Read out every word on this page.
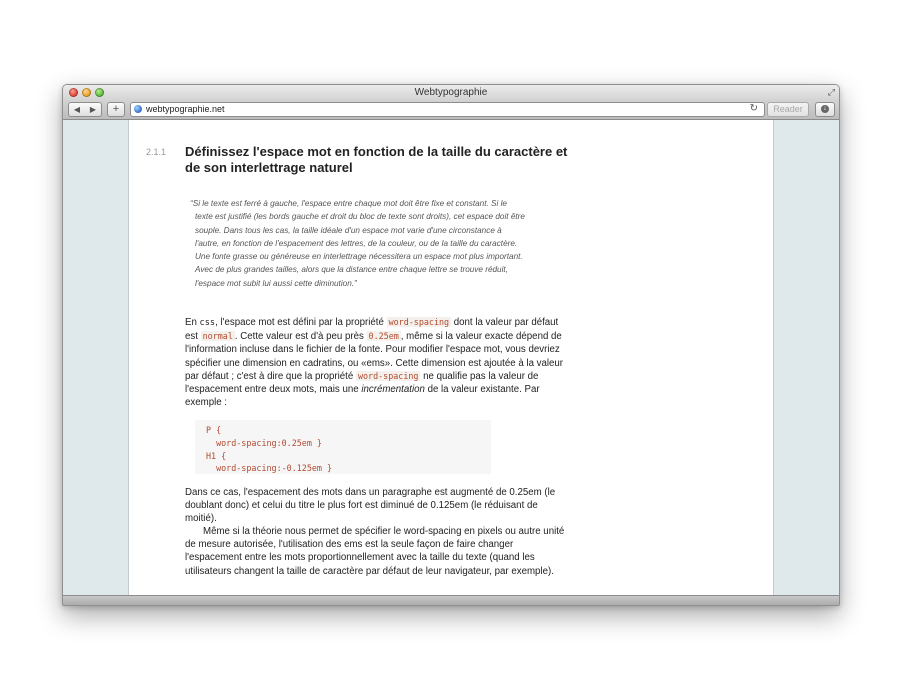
Webtypographie	⤢
◀	▶	+	webtypographie.net	↻	Reader	↓
2.1.1 Définissez l'espace mot en fonction de la taille du caractère et
de son interlettrage naturel

“Si le texte est ferré à gauche, l'espace entre chaque mot doit être fixe et constant. Si le texte est justifié (les bords gauche et droit du bloc de texte sont droits), cet espace doit être souple. Dans tous les cas, la taille idéale d'un espace mot varie d'une circonstance à l'autre, en fonction de l'espacement des lettres, de la couleur, ou de la taille du caractère. Une fonte grasse ou généreuse en interlettrage nécessitera un espace mot plus important. Avec de plus grandes tailles, alors que la distance entre chaque lettre se trouve réduit, l'espace mot subit lui aussi cette diminution.”

En css, l'espace mot est défini par la propriété word-spacing dont la valeur par défaut est normal . Cette valeur est d'à peu près 0.25em , même si la valeur exacte dépend de l'information incluse dans le fichier de la fonte. Pour modifier l'espace mot, vous devriez spécifier une dimension en cadratins, ou «ems». Cette dimension est ajoutée à la valeur par défaut ; c'est à dire que la propriété word-spacing ne qualifie pas la valeur de l'espacement entre deux mots, mais une incrémentation de la valeur existante. Par exemple :

P {
word-spacing:0.25em }
H1 {
word-spacing:-0.125em }

Dans ce cas, l'espacement des mots dans un paragraphe est augmenté de 0.25em (le doublant donc) et celui du titre le plus fort est diminué de 0.125em (le réduisant de moitié).

Même si la théorie nous permet de spécifier le word-spacing en pixels ou autre unité de mesure autorisée, l'utilisation des ems est la seule façon de faire changer l'espacement entre les mots proportionnellement avec la taille du texte (quand les utilisateurs changent la taille de caractère par défaut de leur navigateur, par exemple).
